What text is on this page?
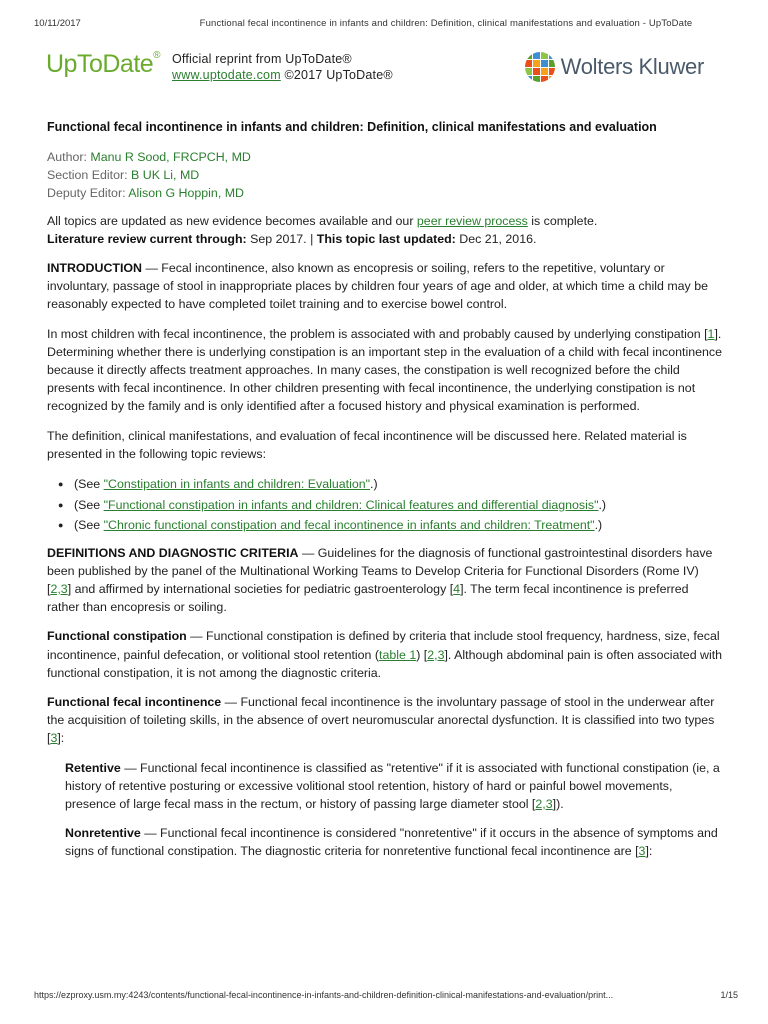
10/11/2017	Functional fecal incontinence in infants and children: Definition, clinical manifestations and evaluation - UpToDate
UpToDate® Official reprint from UpToDate®
www.uptodate.com ©2017 UpToDate®	Wolters Kluwer
Functional fecal incontinence in infants and children: Definition, clinical manifestations and evaluation
Author: Manu R Sood, FRCPCH, MD
Section Editor: B UK Li, MD
Deputy Editor: Alison G Hoppin, MD

All topics are updated as new evidence becomes available and our peer review process is complete.
Literature review current through: Sep 2017. | This topic last updated: Dec 21, 2016.

INTRODUCTION — Fecal incontinence, also known as encopresis or soiling, refers to the repetitive, voluntary or involuntary, passage of stool in inappropriate places by children four years of age and older, at which time a child may be reasonably expected to have completed toilet training and to exercise bowel control.

In most children with fecal incontinence, the problem is associated with and probably caused by underlying constipation [1]. Determining whether there is underlying constipation is an important step in the evaluation of a child with fecal incontinence because it directly affects treatment approaches. In many cases, the constipation is well recognized before the child presents with fecal incontinence. In other children presenting with fecal incontinence, the underlying constipation is not recognized by the family and is only identified after a focused history and physical examination is performed.

The definition, clinical manifestations, and evaluation of fecal incontinence will be discussed here. Related material is presented in the following topic reviews:

● (See "Constipation in infants and children: Evaluation".)
● (See "Functional constipation in infants and children: Clinical features and differential diagnosis".)
● (See "Chronic functional constipation and fecal incontinence in infants and children: Treatment".)

DEFINITIONS AND DIAGNOSTIC CRITERIA — Guidelines for the diagnosis of functional gastrointestinal disorders have been published by the panel of the Multinational Working Teams to Develop Criteria for Functional Disorders (Rome IV) [2,3] and affirmed by international societies for pediatric gastroenterology [4]. The term fecal incontinence is preferred rather than encopresis or soiling.

Functional constipation — Functional constipation is defined by criteria that include stool frequency, hardness, size, fecal incontinence, painful defecation, or volitional stool retention (table 1) [2,3]. Although abdominal pain is often associated with functional constipation, it is not among the diagnostic criteria.

Functional fecal incontinence — Functional fecal incontinence is the involuntary passage of stool in the underwear after the acquisition of toileting skills, in the absence of overt neuromuscular anorectal dysfunction. It is classified into two types [3]:

Retentive — Functional fecal incontinence is classified as "retentive" if it is associated with functional constipation (ie, a history of retentive posturing or excessive volitional stool retention, history of hard or painful bowel movements, presence of large fecal mass in the rectum, or history of passing large diameter stool [2,3]).

Nonretentive — Functional fecal incontinence is considered "nonretentive" if it occurs in the absence of symptoms and signs of functional constipation. The diagnostic criteria for nonretentive functional fecal incontinence are [3]:

https://ezproxy.usm.my:4243/contents/functional-fecal-incontinence-in-infants-and-children-definition-clinical-manifestations-and-evaluation/print...	1/15
